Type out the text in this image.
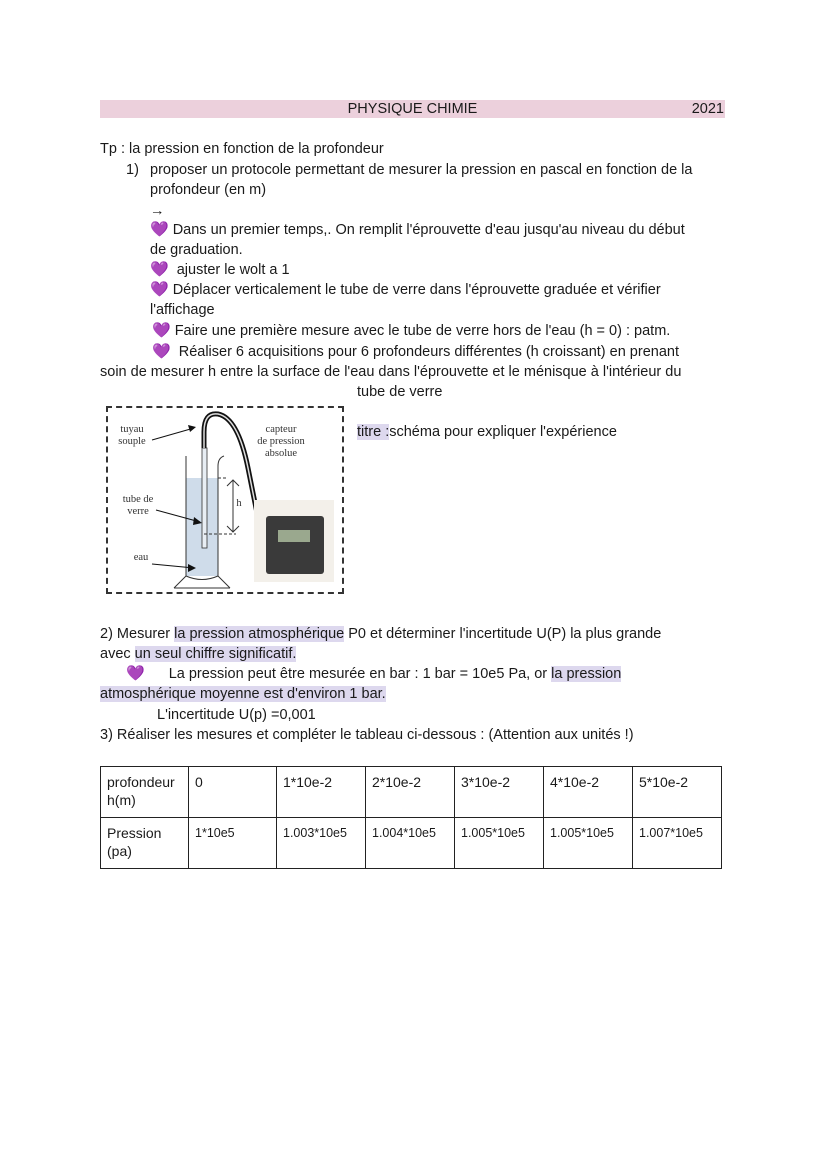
PHYSIQUE CHIMIE	2021
Tp : la pression en fonction de la profondeur
1) proposer un protocole permettant de mesurer la pression en pascal en fonction de la
profondeur (en m)
→
💜 Dans un premier temps,. On remplit l'éprouvette d'eau jusqu'au niveau du début
de graduation.
💜 ajuster le wolt a 1
💜 Déplacer verticalement le tube de verre dans l'éprouvette graduée et vérifier
l'affichage
💜 Faire une première mesure avec le tube de verre hors de l'eau (h = 0) : patm.
💜 Réaliser 6 acquisitions pour 6 profondeurs différentes (h croissant) en prenant
soin de mesurer h entre la surface de l'eau dans l'éprouvette et le ménisque à l'intérieur du
tube de verre
tuyau
souple
capteur
de pression
absolue
tube de
verre
eau
h
titre :schéma pour expliquer l'expérience
2) Mesurer la pression atmosphérique P0 et déterminer l'incertitude U(P) la plus grande
avec un seul chiffre significatif.
💜 La pression peut être mesurée en bar : 1 bar = 10e5 Pa, or la pression
atmosphérique moyenne est d'environ 1 bar.
L'incertitude U(p) =0,001
3) Réaliser les mesures et compléter le tableau ci-dessous : (Attention aux unités !)
profondeur h(m)	0	1*10e-2	2*10e-2	3*10e-2	4*10e-2	5*10e-2
Pression (pa)	1*10e5	1.003*10e5	1.004*10e5	1.005*10e5	1.005*10e5	1.007*10e5
